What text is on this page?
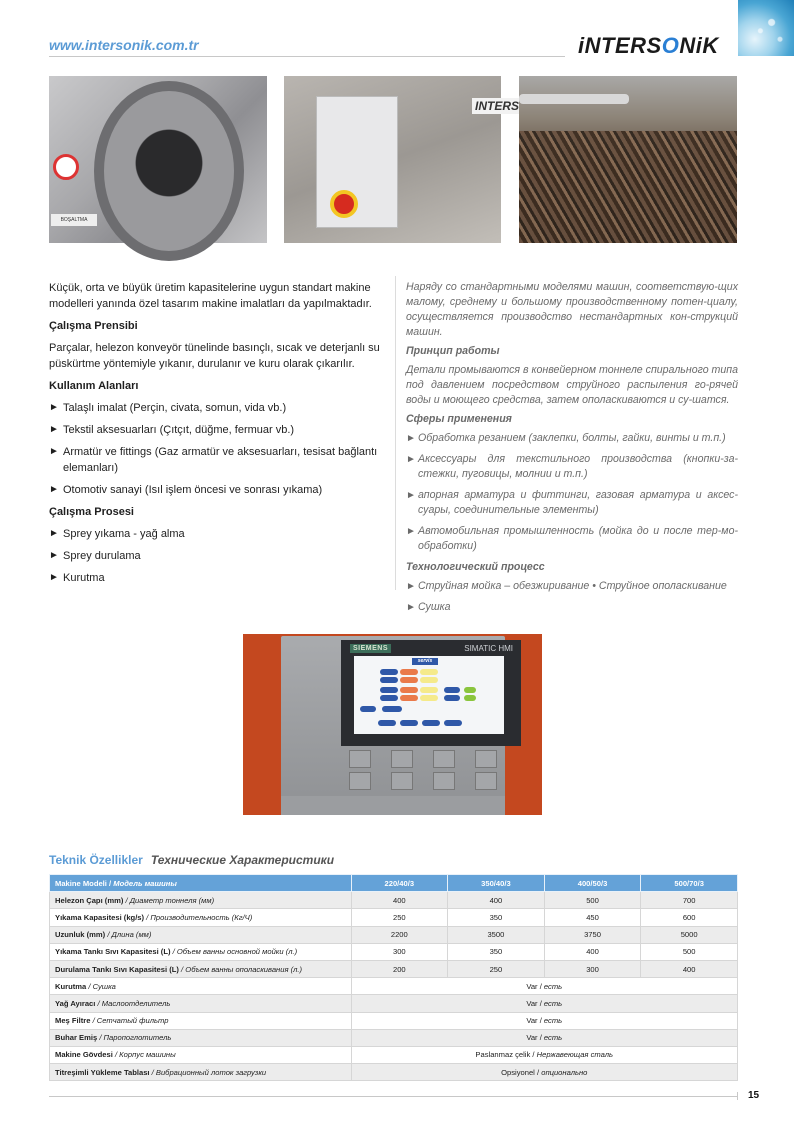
www.intersonik.com.tr	iNTERSONiK
BOŞALTMA
INTERS

Küçük, orta ve büyük üretim kapasitelerine uygun standart makine modelleri yanında özel tasarım makine imalatları da yapılmaktadır.

Çalışma Prensibi

Parçalar, helezon konveyör tünelinde basınçlı, sıcak ve deterjanlı su püskürtme yöntemiyle yıkanır, durulanır ve kuru olarak çıkarılır.

Kullanım Alanları
► Talaşlı imalat (Perçin, civata, somun, vida vb.)
► Tekstil aksesuarları (Çıtçıt, düğme, fermuar vb.)
► Armatür ve fittings (Gaz armatür ve aksesuarları, tesisat bağlantı elemanları)
► Otomotiv sanayi (Isıl işlem öncesi ve sonrası yıkama)
Çalışma Prosesi
► Sprey yıkama - yağ alma
► Sprey durulama
► Kurutma

Наряду со стандартными моделями машин, соответствую-щих малому, среднему и большому производственному потен-циалу, осуществляется производство нестандартных кон-струкций машин.

Принцип работы

Детали промываются в конвейерном тоннеле спирального типа под давлением посредством струйного распыления го-рячей воды и моющего средства, затем ополаскиваются и су-шатся.

Сферы применения
► Обработка резанием (заклепки, болты, гайки, винты и т.п.)
► Аксессуары для текстильного производства (кнопки-за-стежки, пуговицы, молнии и т.п.)
► апорная арматура и фиттинги, газовая арматура и аксес-суары, соединительные элементы)
► Автомобильная промышленность (мойка до и после тер-мо-обработки)
Технологический процесс
► Струйная мойка – обезжиривание • Струйное ополаскивание
► Сушка
SIEMENS	SIMATIC HMI
servis
Teknik Özellikler Технические Характеристики
Makine Modeli / Модель машины	220/40/3	350/40/3	400/50/3	500/70/3
Helezon Çapı (mm) / Диаметр тоннеля (мм)	400	400	500	700
Yıkama Kapasitesi (kg/s) / Производительность (Кг/Ч)	250	350	450	600
Uzunluk (mm) / Длина (мм)	2200	3500	3750	5000
Yıkama Tankı Sıvı Kapasitesi (L) / Объем ванны основной мойки (л.)	300	350	400	500
Durulama Tankı Sıvı Kapasitesi (L) / Объем ванны ополаскивания (л.)	200	250	300	400
Kurutma / Сушка	Var / есть			
Yağ Ayıracı / Маслоотделитель	Var / есть			
Meş Filtre / Сетчатый фильтр	Var / есть			
Buhar Emiş / Паропоглотитель	Var / есть			
Makine Gövdesi / Корпус машины	Paslanmaz çelik / Нержавеющая сталь			
Titreşimli Yükleme Tablası / Вибрационный лоток загрузки	Opsiyonel / опционально			
15
